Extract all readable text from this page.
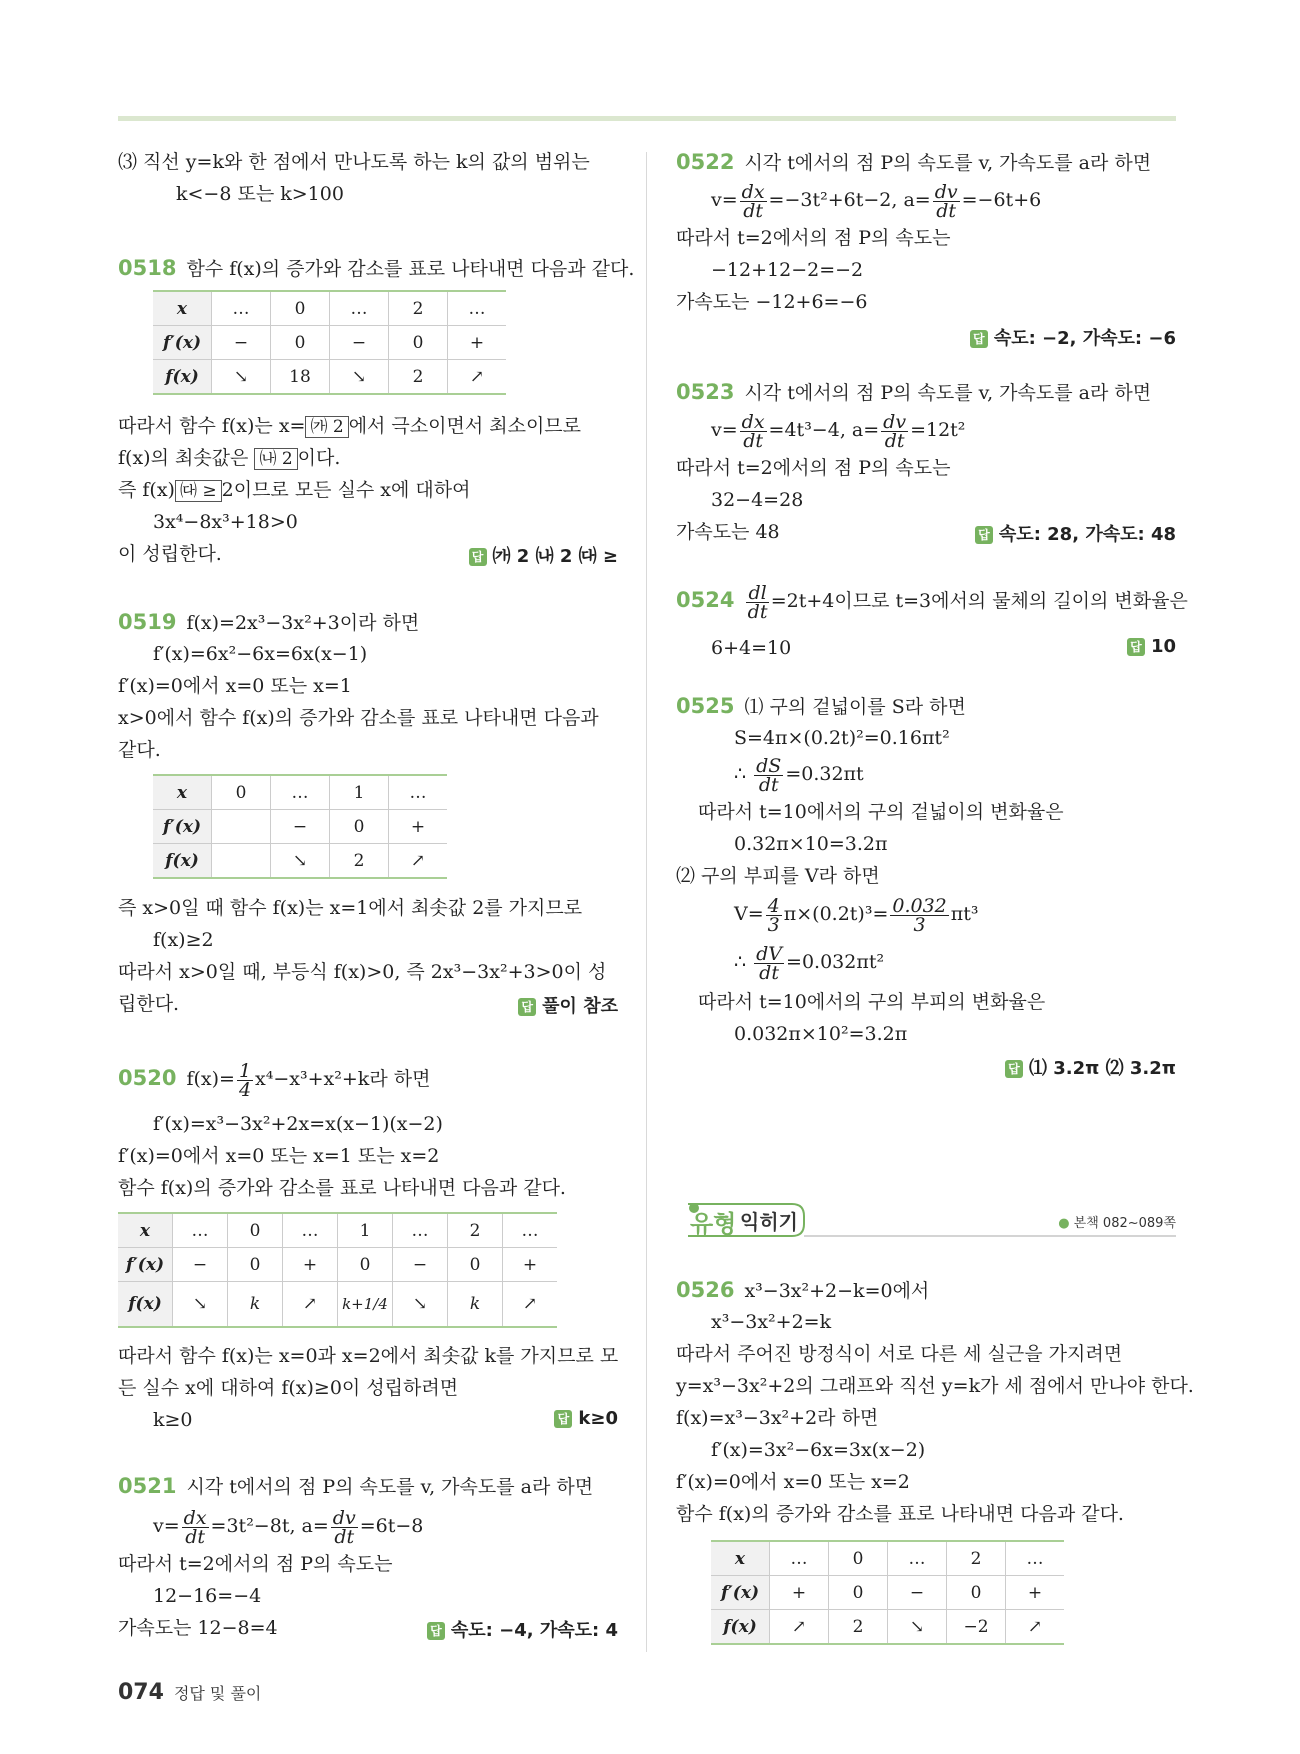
⑶ 직선 y=k와 한 점에서 만나도록 하는 k의 값의 범위는
k<−8 또는 k>100
0518 함수 f(x)의 증가와 감소를 표로 나타내면 다음과 같다.
x	…	0	…	2	…
f′(x)	−	0	−	0	+
f(x)	↘	18	↘	2	↗
따라서 함수 f(x)는 x= ㈎ 2 에서 극소이면서 최소이므로
f(x)의 최솟값은 ㈏ 2 이다.
즉 f(x) ㈐ ≥ 2이므로 모든 실수 x에 대하여
3x⁴−8x³+18>0
이 성립한다.	답 ㈎ 2 ㈏ 2 ㈐ ≥
0519 f(x)=2x³−3x²+3이라 하면
f′(x)=6x²−6x=6x(x−1)
f′(x)=0에서 x=0 또는 x=1
x>0에서 함수 f(x)의 증가와 감소를 표로 나타내면 다음과
같다.
x	0	…	1	…
f′(x)		−	0	+
f(x)		↘	2	↗
즉 x>0일 때 함수 f(x)는 x=1에서 최솟값 2를 가지므로
f(x)≥2
따라서 x>0일 때, 부등식 f(x)>0, 즉 2x³−3x²+3>0이 성
립한다.	답 풀이 참조
0520 $f(x)= \frac{1}{4} x^4-x^3+x^2+k$라 하면
f′(x)=x³−3x²+2x=x(x−1)(x−2)
f′(x)=0에서 x=0 또는 x=1 또는 x=2
함수 f(x)의 증가와 감소를 표로 나타내면 다음과 같다.
x	…	0	…	1	…	2	…
f′(x)	−	0	+	0	−	0	+
f(x)	↘	k	↗	k+1/4	↘	k	↗
따라서 함수 f(x)는 x=0과 x=2에서 최솟값 k를 가지므로 모
든 실수 x에 대하여 f(x)≥0이 성립하려면
k≥0	답 k≥0
0521 시각 t에서의 점 P의 속도를 v, 가속도를 a라 하면
$v= \frac{dx}{dt} =3t^2-8t$, $a= \frac{dv}{dt} =6t-8$
따라서 t=2에서의 점 P의 속도는
12−16=−4
가속도는 12−8=4	답 속도: −4, 가속도: 4
0522 시각 t에서의 점 P의 속도를 v, 가속도를 a라 하면
$v= \frac{dx}{dt} =-3t^2+6t-2$, $a= \frac{dv}{dt} =-6t+6$
따라서 t=2에서의 점 P의 속도는
−12+12−2=−2
가속도는 −12+6=−6
답 속도: −2, 가속도: −6
0523 시각 t에서의 점 P의 속도를 v, 가속도를 a라 하면
$v= \frac{dx}{dt} =4t^3-4$, $a= \frac{dv}{dt} =12t^2$
따라서 t=2에서의 점 P의 속도는
32−4=28
가속도는 48	답 속도: 28, 가속도: 48
$0524 \frac{dl}{dt} =2t+4$이므로 t=3에서의 물체의 길이의 변화율은
6+4=10	답 10
0525 ⑴ 구의 겉넓이를 S라 하면
S=4π×(0.2t)²=0.16πt²
∴ $\frac{dS}{dt} =0.32\pi t$
따라서 t=10에서의 구의 겉넓이의 변화율은
0.32π×10=3.2π
⑵ 구의 부피를 V라 하면
$V= \frac{4}{3} \pi\times(0.2t)^3= \frac{0.032}{3} \pi t^3$
∴ $\frac{dV}{dt} =0.032\pi t^2$
따라서 t=10에서의 구의 부피의 변화율은
0.032π×10²=3.2π
답 ⑴ 3.2π ⑵ 3.2π
유형 익히기	● 본책 082~089쪽
0526 x³−3x²+2−k=0에서
x³−3x²+2=k
따라서 주어진 방정식이 서로 다른 세 실근을 가지려면
y=x³−3x²+2의 그래프와 직선 y=k가 세 점에서 만나야 한다.
f(x)=x³−3x²+2라 하면
f′(x)=3x²−6x=3x(x−2)
f′(x)=0에서 x=0 또는 x=2
함수 f(x)의 증가와 감소를 표로 나타내면 다음과 같다.
x	…	0	…	2	…
f′(x)	+	0	−	0	+
f(x)	↗	2	↘	−2	↗
074 정답 및 풀이
